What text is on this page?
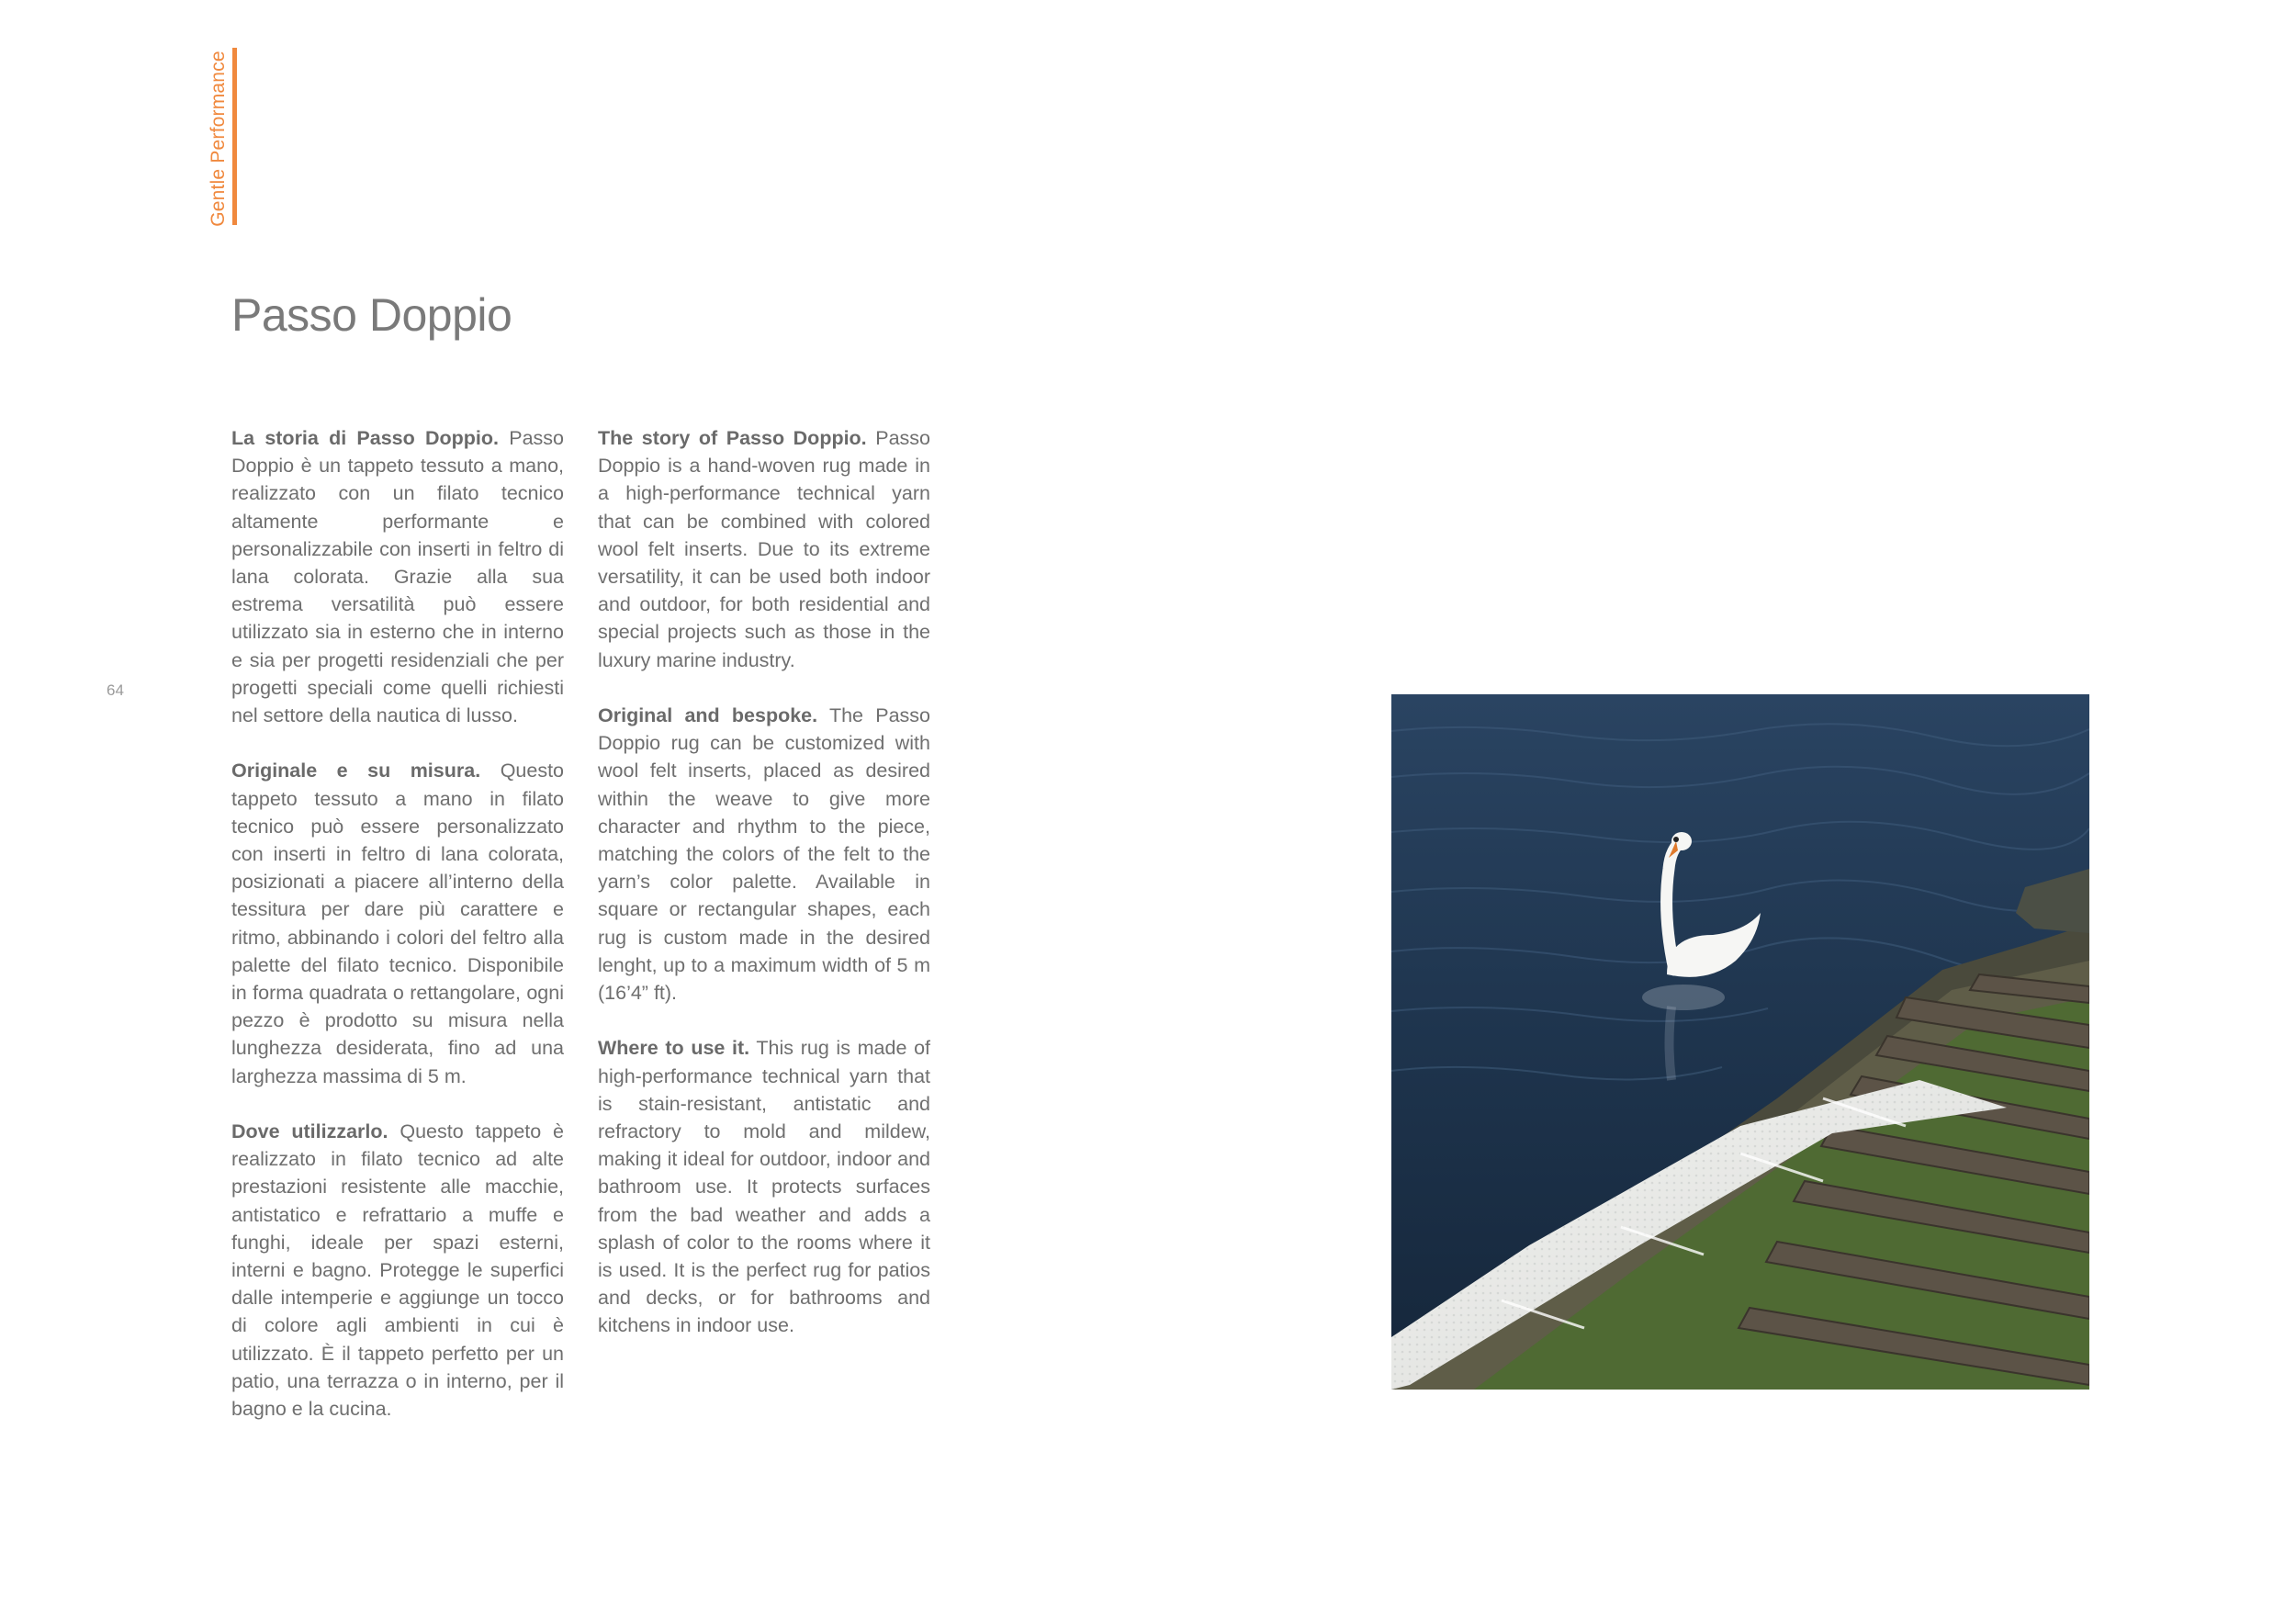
Gentle Performance
Passo Doppio
64

La storia di Passo Doppio. Passo Doppio è un tappeto tessuto a mano, realizzato con un filato tecnico altamente performante e personalizzabile con inserti in feltro di lana colorata. Grazie alla sua estrema versatilità può essere utilizzato sia in esterno che in interno e sia per progetti residenziali che per progetti speciali come quelli richiesti nel settore della nautica di lusso.

Originale e su misura. Questo tappeto tessuto a mano in filato tecnico può essere personalizzato con inserti in feltro di lana colorata, posizionati a piacere all’interno della tessitura per dare più carattere e ritmo, abbinando i colori del feltro alla palette del filato tecnico. Disponibile in forma quadrata o rettangolare, ogni pezzo è prodotto su misura nella lunghezza desiderata, fino ad una larghezza massima di 5 m.

Dove utilizzarlo. Questo tappeto è realizzato in filato tecnico ad alte prestazioni resistente alle macchie, antistatico e refrattario a muffe e funghi, ideale per spazi esterni, interni e bagno. Protegge le superfici dalle intemperie e aggiunge un tocco di colore agli ambienti in cui è utilizzato. È il tappeto perfetto per un patio, una terrazza o in interno, per il bagno e la cucina.

The story of Passo Doppio. Passo Doppio is a hand-woven rug made in a high-performance technical yarn that can be combined with colored wool felt inserts. Due to its extreme versatility, it can be used both indoor and outdoor, for both residential and special projects such as those in the luxury marine industry.

Original and bespoke. The Passo Doppio rug can be customized with wool felt inserts, placed as desired within the weave to give more character and rhythm to the piece, matching the colors of the felt to the yarn’s color palette. Available in square or rectangular shapes, each rug is custom made in the desired lenght, up to a maximum width of 5 m (16’4” ft).

Where to use it. This rug is made of high-performance technical yarn that is stain-resistant, antistatic and refractory to mold and mildew, making it ideal for outdoor, indoor and bathroom use. It protects surfaces from the bad weather and adds a splash of color to the rooms where it is used. It is the perfect rug for patios and decks, or for bathrooms and kitchens in indoor use.
